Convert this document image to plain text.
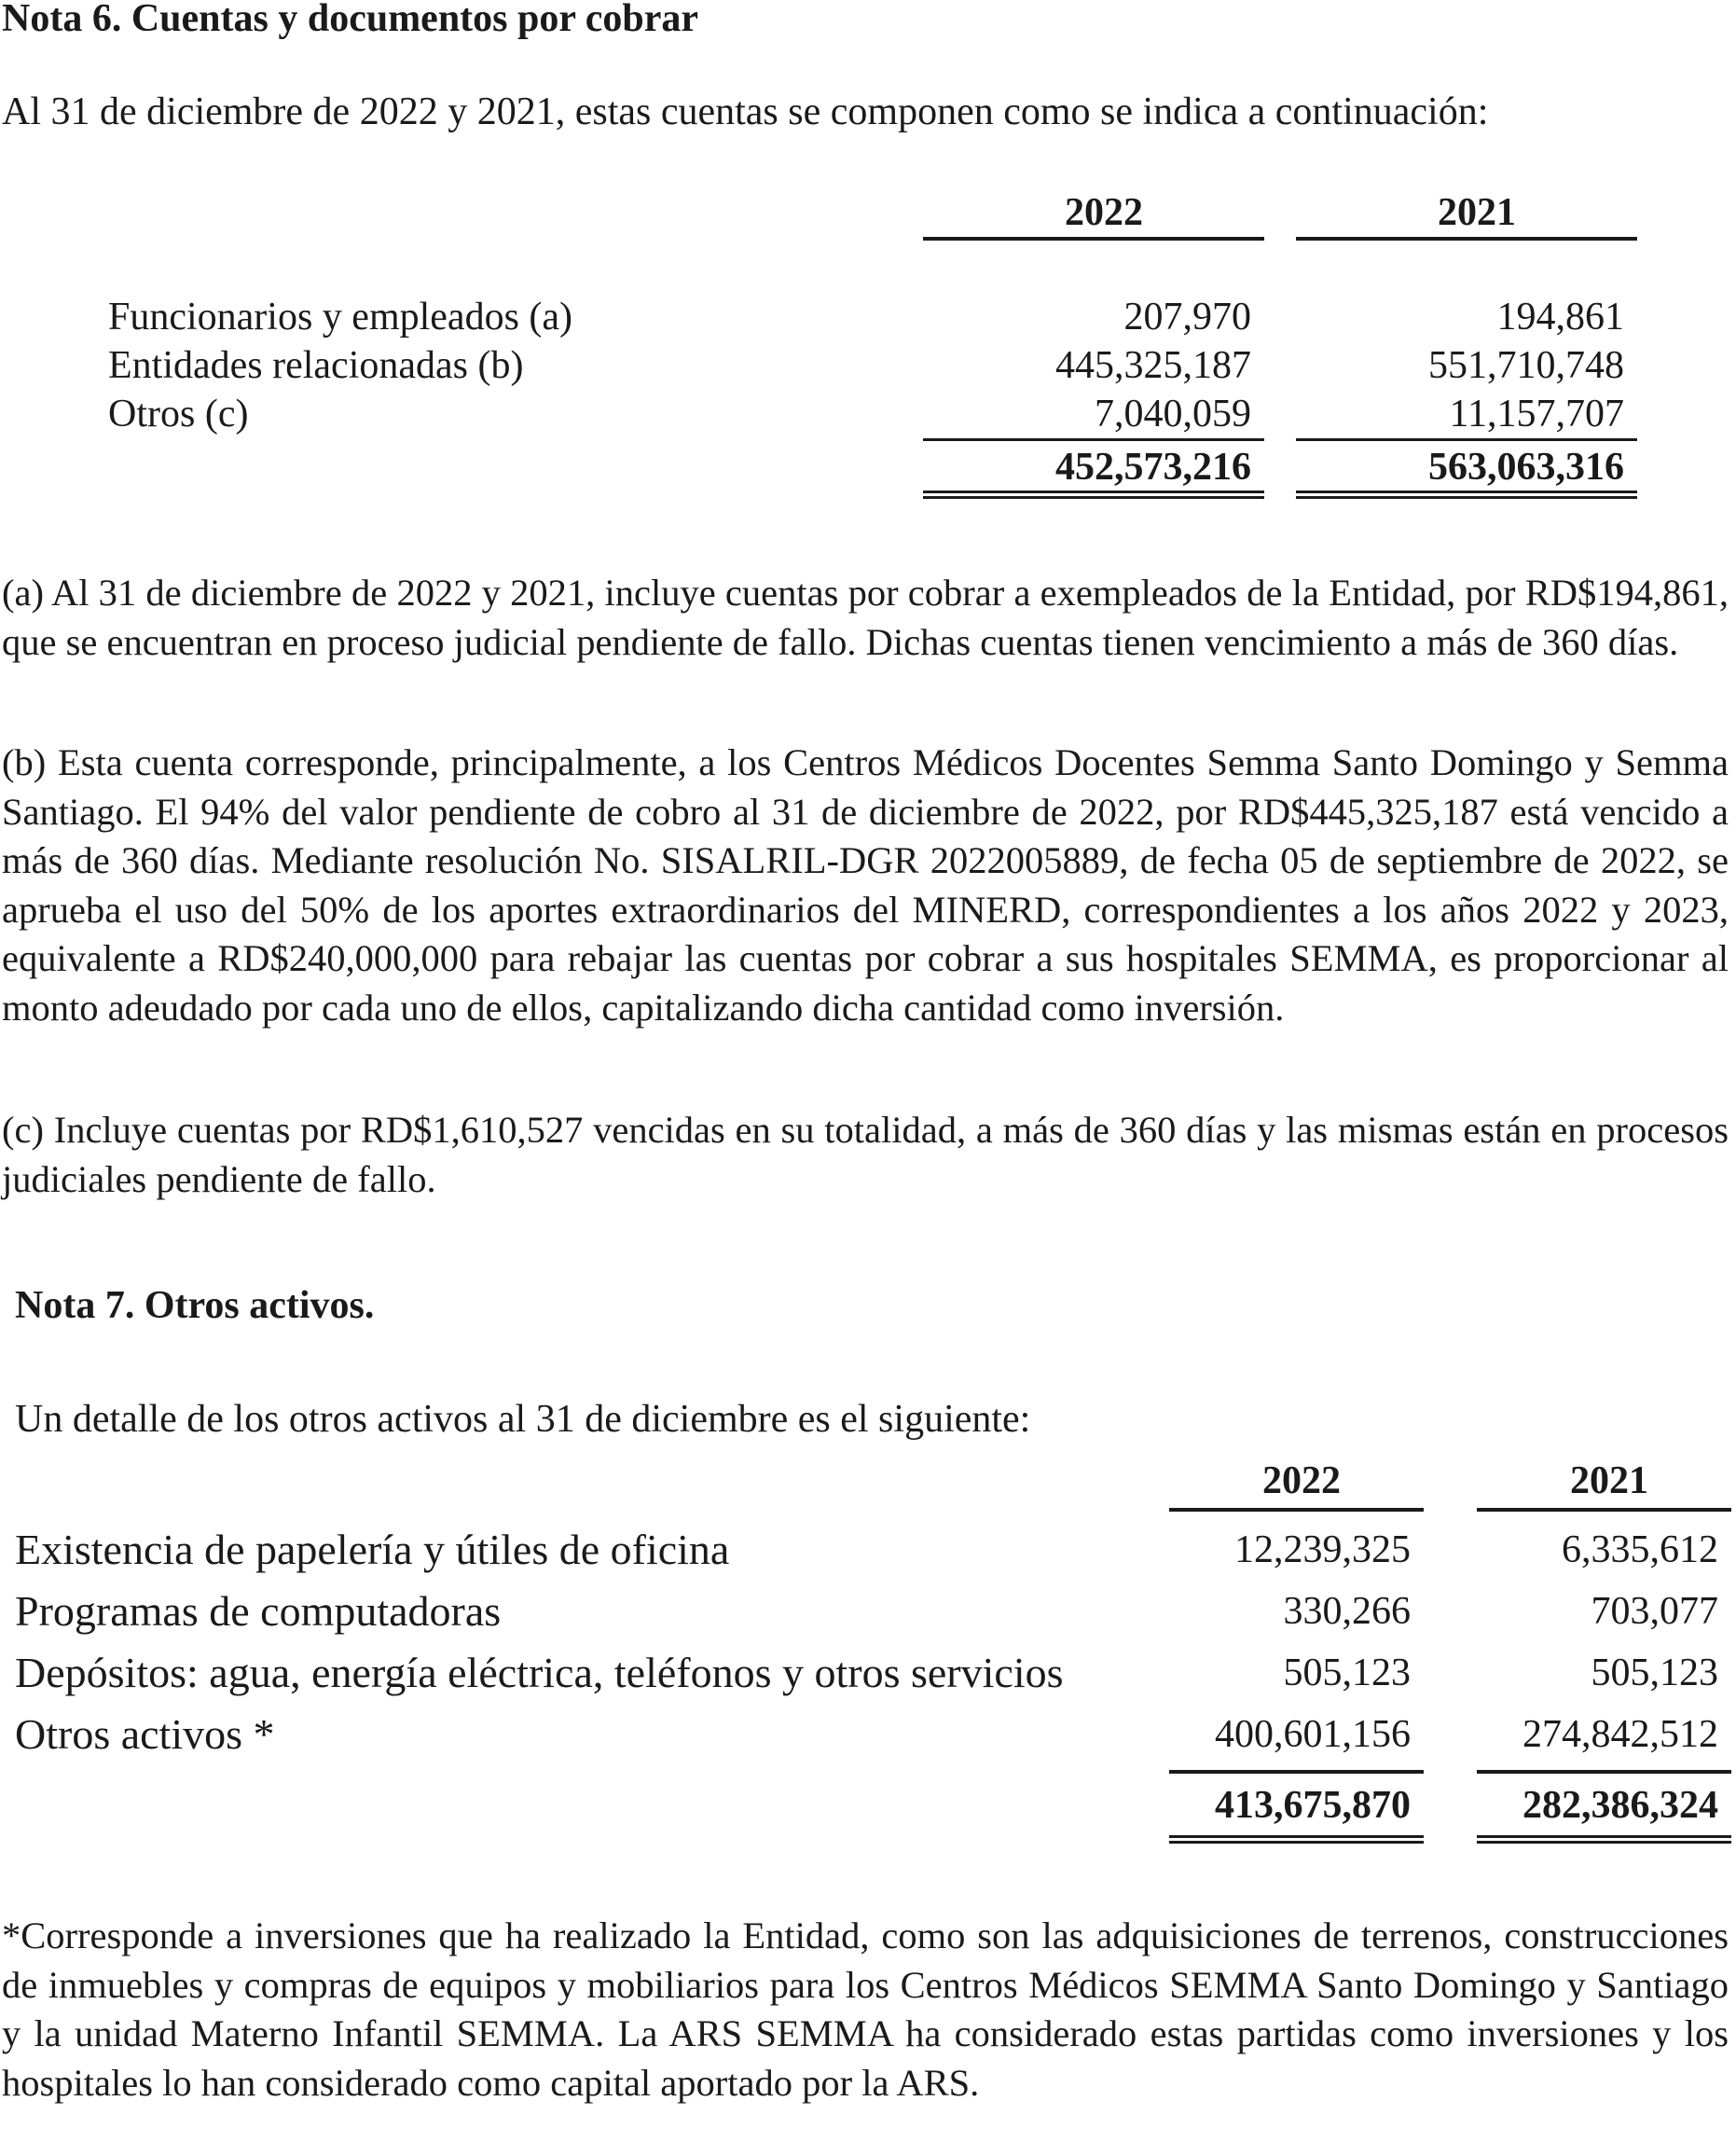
Nota 6. Cuentas y documentos por cobrar
Al 31 de diciembre de 2022 y 2021, estas cuentas se componen como se indica a continuación:
2022	2021
Funcionarios y empleados (a)	207,970	194,861
Entidades relacionadas (b)	445,325,187	551,710,748
Otros (c)	7,040,059	11,157,707
452,573,216	563,063,316
(a) Al 31 de diciembre de 2022 y 2021, incluye cuentas por cobrar a exempleados de la Entidad, por RD$194,861, que se encuentran en proceso judicial pendiente de fallo. Dichas cuentas tienen vencimiento a más de 360 días.
(b) Esta cuenta corresponde, principalmente, a los Centros Médicos Docentes Semma Santo Domingo y Semma Santiago. El 94% del valor pendiente de cobro al 31 de diciembre de 2022, por RD$445,325,187 está vencido a más de 360 días. Mediante resolución No. SISALRIL-DGR 2022005889, de fecha 05 de septiembre de 2022, se aprueba el uso del 50% de los aportes extraordinarios del MINERD, correspondientes a los años 2022 y 2023, equivalente a RD$240,000,000 para rebajar las cuentas por cobrar a sus hospitales SEMMA, es proporcionar al monto adeudado por cada uno de ellos, capitalizando dicha cantidad como inversión.
(c) Incluye cuentas por RD$1,610,527 vencidas en su totalidad, a más de 360 días y las mismas están en procesos judiciales pendiente de fallo.
Nota 7. Otros activos.
Un detalle de los otros activos al 31 de diciembre es el siguiente:
2022	2021
Existencia de papelería y útiles de oficina	12,239,325	6,335,612
Programas de computadoras	330,266	703,077
Depósitos: agua, energía eléctrica, teléfonos y otros servicios	505,123	505,123
Otros activos *	400,601,156	274,842,512
413,675,870	282,386,324
*Corresponde a inversiones que ha realizado la Entidad, como son las adquisiciones de terrenos, construcciones de inmuebles y compras de equipos y mobiliarios para los Centros Médicos SEMMA Santo Domingo y Santiago y la unidad Materno Infantil SEMMA. La ARS SEMMA ha considerado estas partidas como inversiones y los hospitales lo han considerado como capital aportado por la ARS.
